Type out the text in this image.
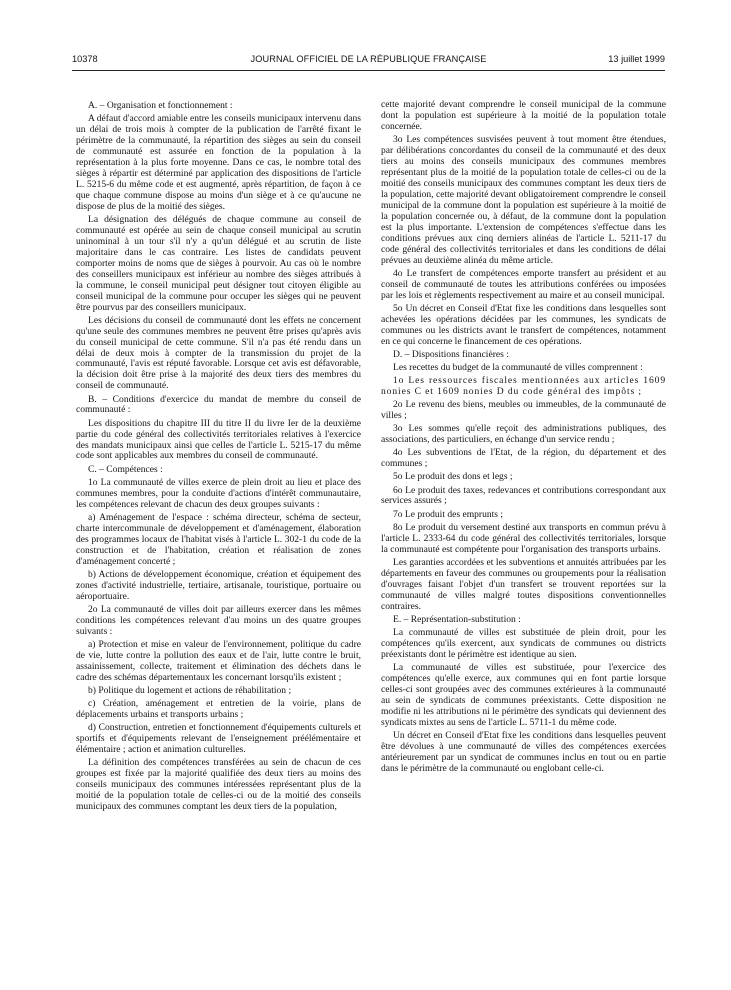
10378	JOURNAL OFFICIEL DE LA RÉPUBLIQUE FRANÇAISE	13 juillet 1999

A. – Organisation et fonctionnement :

A défaut d'accord amiable entre les conseils municipaux intervenu dans un délai de trois mois à compter de la publication de l'arrêté fixant le périmètre de la communauté, la répartition des sièges au sein du conseil de communauté est assurée en fonction de la population à la représentation à la plus forte moyenne. Dans ce cas, le nombre total des sièges à répartir est déterminé par application des dispositions de l'article L. 5215-6 du même code et est augmenté, après répartition, de façon à ce que chaque commune dispose au moins d'un siège et à ce qu'aucune ne dispose de plus de la moitié des sièges.

La désignation des délégués de chaque commune au conseil de communauté est opérée au sein de chaque conseil municipal au scrutin uninominal à un tour s'il n'y a qu'un délégué et au scrutin de liste majoritaire dans le cas contraire. Les listes de candidats peuvent comporter moins de noms que de sièges à pourvoir. Au cas où le nombre des conseillers municipaux est inférieur au nombre des sièges attribués à la commune, le conseil municipal peut désigner tout citoyen éligible au conseil municipal de la commune pour occuper les sièges qui ne peuvent être pourvus par des conseillers municipaux.

Les décisions du conseil de communauté dont les effets ne concernent qu'une seule des communes membres ne peuvent être prises qu'après avis du conseil municipal de cette commune. S'il n'a pas été rendu dans un délai de deux mois à compter de la transmission du projet de la communauté, l'avis est réputé favorable. Lorsque cet avis est défavorable, la décision doit être prise à la majorité des deux tiers des membres du conseil de communauté.

B. – Conditions d'exercice du mandat de membre du conseil de communauté :

Les dispositions du chapitre III du titre II du livre Ier de la deuxième partie du code général des collectivités territoriales relatives à l'exercice des mandats municipaux ainsi que celles de l'article L. 5215-17 du même code sont applicables aux membres du conseil de communauté.

C. – Compétences :

1o La communauté de villes exerce de plein droit au lieu et place des communes membres, pour la conduite d'actions d'intérêt communautaire, les compétences relevant de chacun des deux groupes suivants :

a) Aménagement de l'espace : schéma directeur, schéma de secteur, charte intercommunale de développement et d'aménagement, élaboration des programmes locaux de l'habitat visés à l'article L. 302-1 du code de la construction et de l'habitation, création et réalisation de zones d'aménagement concerté ;

b) Actions de développement économique, création et équipement des zones d'activité industrielle, tertiaire, artisanale, touristique, portuaire ou aéroportuaire.

2o La communauté de villes doit par ailleurs exercer dans les mêmes conditions les compétences relevant d'au moins un des quatre groupes suivants :

a) Protection et mise en valeur de l'environnement, politique du cadre de vie, lutte contre la pollution des eaux et de l'air, lutte contre le bruit, assainissement, collecte, traitement et élimination des déchets dans le cadre des schémas départementaux les concernant lorsqu'ils existent ;

b) Politique du logement et actions de réhabilitation ;

c) Création, aménagement et entretien de la voirie, plans de déplacements urbains et transports urbains ;

d) Construction, entretien et fonctionnement d'équipements culturels et sportifs et d'équipements relevant de l'enseignement préélémentaire et élémentaire ; action et animation culturelles.

La définition des compétences transférées au sein de chacun de ces groupes est fixée par la majorité qualifiée des deux tiers au moins des conseils municipaux des communes intéressées représentant plus de la moitié de la population totale de celles-ci ou de la moitié des conseils municipaux des communes comptant les deux tiers de la population,

cette majorité devant comprendre le conseil municipal de la commune dont la population est supérieure à la moitié de la population totale concernée.

3o Les compétences susvisées peuvent à tout moment être étendues, par délibérations concordantes du conseil de la communauté et des deux tiers au moins des conseils municipaux des communes membres représentant plus de la moitié de la population totale de celles-ci ou de la moitié des conseils municipaux des communes comptant les deux tiers de la population, cette majorité devant obligatoirement comprendre le conseil municipal de la commune dont la population est supérieure à la moitié de la population concernée ou, à défaut, de la commune dont la population est la plus importante. L'extension de compétences s'effectue dans les conditions prévues aux cinq derniers alinéas de l'article L. 5211-17 du code général des collectivités territoriales et dans les conditions de délai prévues au deuxième alinéa du même article.

4o Le transfert de compétences emporte transfert au président et au conseil de communauté de toutes les attributions conférées ou imposées par les lois et règlements respectivement au maire et au conseil municipal.

5o Un décret en Conseil d'Etat fixe les conditions dans lesquelles sont achevées les opérations décidées par les communes, les syndicats de communes ou les districts avant le transfert de compétences, notamment en ce qui concerne le financement de ces opérations.

D. – Dispositions financières :

Les recettes du budget de la communauté de villes comprennent :

1o Les ressources fiscales mentionnées aux articles 1609 nonies C et 1609 nonies D du code général des impôts ;

2o Le revenu des biens, meubles ou immeubles, de la communauté de villes ;

3o Les sommes qu'elle reçoit des administrations publiques, des associations, des particuliers, en échange d'un service rendu ;

4o Les subventions de l'Etat, de la région, du département et des communes ;

5o Le produit des dons et legs ;

6o Le produit des taxes, redevances et contributions correspondant aux services assurés ;

7o Le produit des emprunts ;

8o Le produit du versement destiné aux transports en commun prévu à l'article L. 2333-64 du code général des collectivités territoriales, lorsque la communauté est compétente pour l'organisation des transports urbains.

Les garanties accordées et les subventions et annuités attribuées par les départements en faveur des communes ou groupements pour la réalisation d'ouvrages faisant l'objet d'un transfert se trouvent reportées sur la communauté de villes malgré toutes dispositions conventionnelles contraires.

E. – Représentation-substitution :

La communauté de villes est substituée de plein droit, pour les compétences qu'ils exercent, aux syndicats de communes ou districts préexistants dont le périmètre est identique au sien.

La communauté de villes est substituée, pour l'exercice des compétences qu'elle exerce, aux communes qui en font partie lorsque celles-ci sont groupées avec des communes extérieures à la communauté au sein de syndicats de communes préexistants. Cette disposition ne modifie ni les attributions ni le périmètre des syndicats qui deviennent des syndicats mixtes au sens de l'article L. 5711-1 du même code.

Un décret en Conseil d'Etat fixe les conditions dans lesquelles peuvent être dévolues à une communauté de villes des compétences exercées antérieurement par un syndicat de communes inclus en tout ou en partie dans le périmètre de la communauté ou englobant celle-ci.
